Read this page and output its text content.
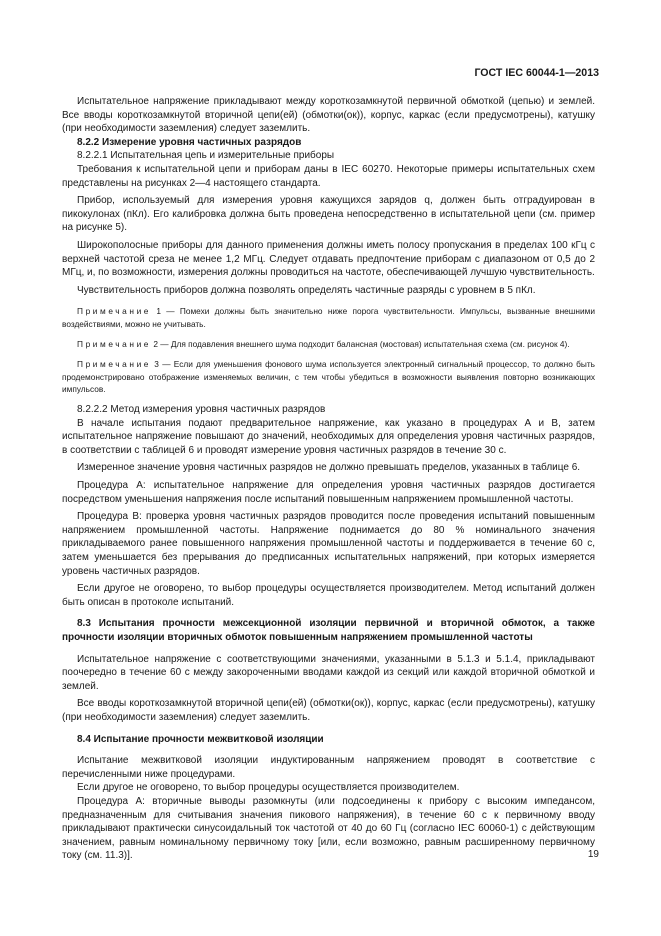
ГОСТ IEC 60044-1—2013

Испытательное напряжение прикладывают между короткозамкнутой первичной обмоткой (цепью) и землей. Все вводы короткозамкнутой вторичной цепи(ей) (обмотки(ок)), корпус, каркас (если предусмотрены), катушку (при необходимости заземления) следует заземлить.

8.2.2 Измерение уровня частичных разрядов
8.2.2.1 Испытательная цепь и измерительные приборы

Требования к испытательной цепи и приборам даны в IEC 60270. Некоторые примеры испытательных схем представлены на рисунках 2—4 настоящего стандарта.

Прибор, используемый для измерения уровня кажущихся зарядов q, должен быть отградуирован в пикокулонах (пКл). Его калибровка должна быть проведена непосредственно в испытательной цепи (см. пример на рисунке 5).

Широкополосные приборы для данного применения должны иметь полосу пропускания в пределах 100 кГц с верхней частотой среза не менее 1,2 МГц. Следует отдавать предпочтение приборам с диапазоном от 0,5 до 2 МГц, и, по возможности, измерения должны проводиться на частоте, обеспечивающей лучшую чувствительность.

Чувствительность приборов должна позволять определять частичные разряды с уровнем в 5 пКл.

Примечание 1 — Помехи должны быть значительно ниже порога чувствительности. Импульсы, вызванные внешними воздействиями, можно не учитывать.

Примечание 2 — Для подавления внешнего шума подходит балансная (мостовая) испытательная схема (см. рисунок 4).

Примечание 3 — Если для уменьшения фонового шума используется электронный сигнальный процессор, то должно быть продемонстрировано отображение изменяемых величин, с тем чтобы убедиться в возможности выявления повторно возникающих импульсов.

8.2.2.2 Метод измерения уровня частичных разрядов

В начале испытания подают предварительное напряжение, как указано в процедурах А и В, затем испытательное напряжение повышают до значений, необходимых для определения уровня частичных разрядов, в соответствии с таблицей 6 и проводят измерение уровня частичных разрядов в течение 30 с.

Измеренное значение уровня частичных разрядов не должно превышать пределов, указанных в таблице 6.

Процедура А: испытательное напряжение для определения уровня частичных разрядов достигается посредством уменьшения напряжения после испытаний повышенным напряжением промышленной частоты.

Процедура В: проверка уровня частичных разрядов проводится после проведения испытаний повышенным напряжением промышленной частоты. Напряжение поднимается до 80 % номинального значения прикладываемого ранее повышенного напряжения промышленной частоты и поддерживается в течение 60 с, затем уменьшается без прерывания до предписанных испытательных напряжений, при которых измеряется уровень частичных разрядов.

Если другое не оговорено, то выбор процедуры осуществляется производителем. Метод испытаний должен быть описан в протоколе испытаний.

8.3 Испытания прочности межсекционной изоляции первичной и вторичной обмоток, а также прочности изоляции вторичных обмоток повышенным напряжением промышленной частоты

Испытательное напряжение с соответствующими значениями, указанными в 5.1.3 и 5.1.4, прикладывают поочередно в течение 60 с между закороченными вводами каждой из секций или каждой вторичной обмоткой и землей.

Все вводы короткозамкнутой вторичной цепи(ей) (обмотки(ок)), корпус, каркас (если предусмотрены), катушку (при необходимости заземления) следует заземлить.

8.4 Испытание прочности межвитковой изоляции

Испытание межвитковой изоляции индуктированным напряжением проводят в соответствие с перечисленными ниже процедурами.

Если другое не оговорено, то выбор процедуры осуществляется производителем.

Процедура А: вторичные выводы разомкнуты (или подсоединены к прибору с высоким импедансом, предназначенным для считывания значения пикового напряжения), в течение 60 с к первичному вводу прикладывают практически синусоидальный ток частотой от 40 до 60 Гц (согласно IEC 60060-1) с действующим значением, равным номинальному первичному току [или, если возможно, равным расширенному первичному току (см. 11.3)].	19
